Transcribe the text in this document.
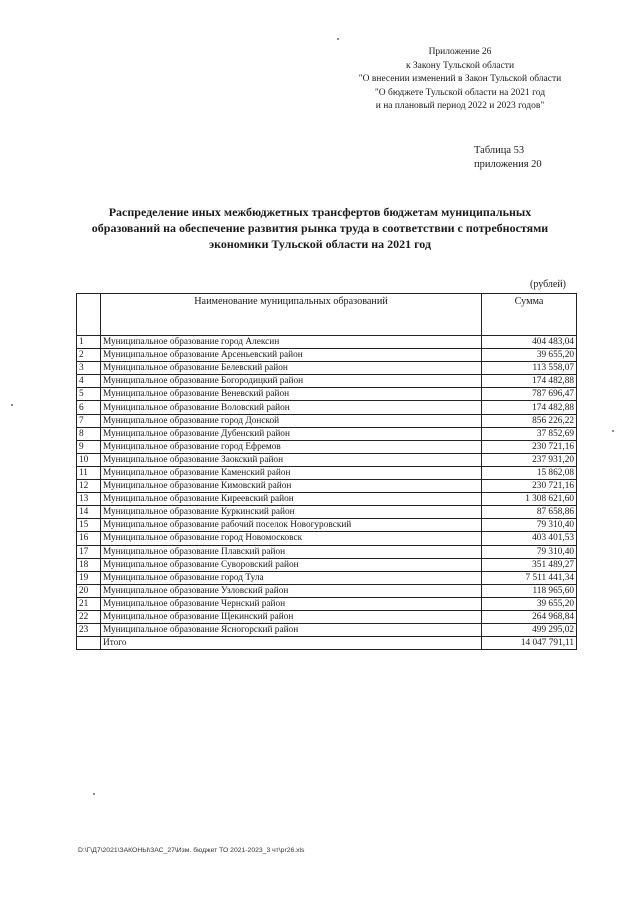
Приложение 26
к Закону Тульской области
"О внесении изменений в Закон Тульской области
"О бюджете Тульской области на 2021 год
и на плановый период 2022 и 2023 годов"
Таблица 53
приложения 20
Распределение иных межбюджетных трансфертов бюджетам муниципальных
образований на обеспечение развития рынка труда в соответствии с потребностями
экономики Тульской области на 2021 год
(рублей)
	Наименование муниципальных образований	Сумма
1	Муниципальное образование город Алексин	404 483,04
2	Муниципальное образование Арсеньевский район	39 655,20
3	Муниципальное образование Белевский район	113 558,07
4	Муниципальное образование Богородицкий район	174 482,88
5	Муниципальное образование Веневский район	787 696,47
6	Муниципальное образование Воловский район	174 482,88
7	Муниципальное образование город Донской	856 226,22
8	Муниципальное образование Дубенский район	37 852,69
9	Муниципальное образование город Ефремов	230 721,16
10	Муниципальное образование Заокский район	237 931,20
11	Муниципальное образование Каменский район	15 862,08
12	Муниципальное образование Кимовский район	230 721,16
13	Муниципальное образование Киреевский район	1 308 621,60
14	Муниципальное образование Куркинский район	87 658,86
15	Муниципальное образование рабочий поселок Новогуровский	79 310,40
16	Муниципальное образование город Новомосковск	403 401,53
17	Муниципальное образование Плавский район	79 310,40
18	Муниципальное образование Суворовский район	351 489,27
19	Муниципальное образование город Тула	7 511 441,34
20	Муниципальное образование Узловский район	118 965,60
21	Муниципальное образование Чернский район	39 655,20
22	Муниципальное образование Щекинский район	264 968,84
23	Муниципальное образование Ясногорский район	499 295,02
	Итого	14 047 791,11
D:\Г\Д7\2021\ЗАКОНЫ\ЗАС_27\Изм. бюджет ТО 2021-2023_3 чт\pr26.xls
